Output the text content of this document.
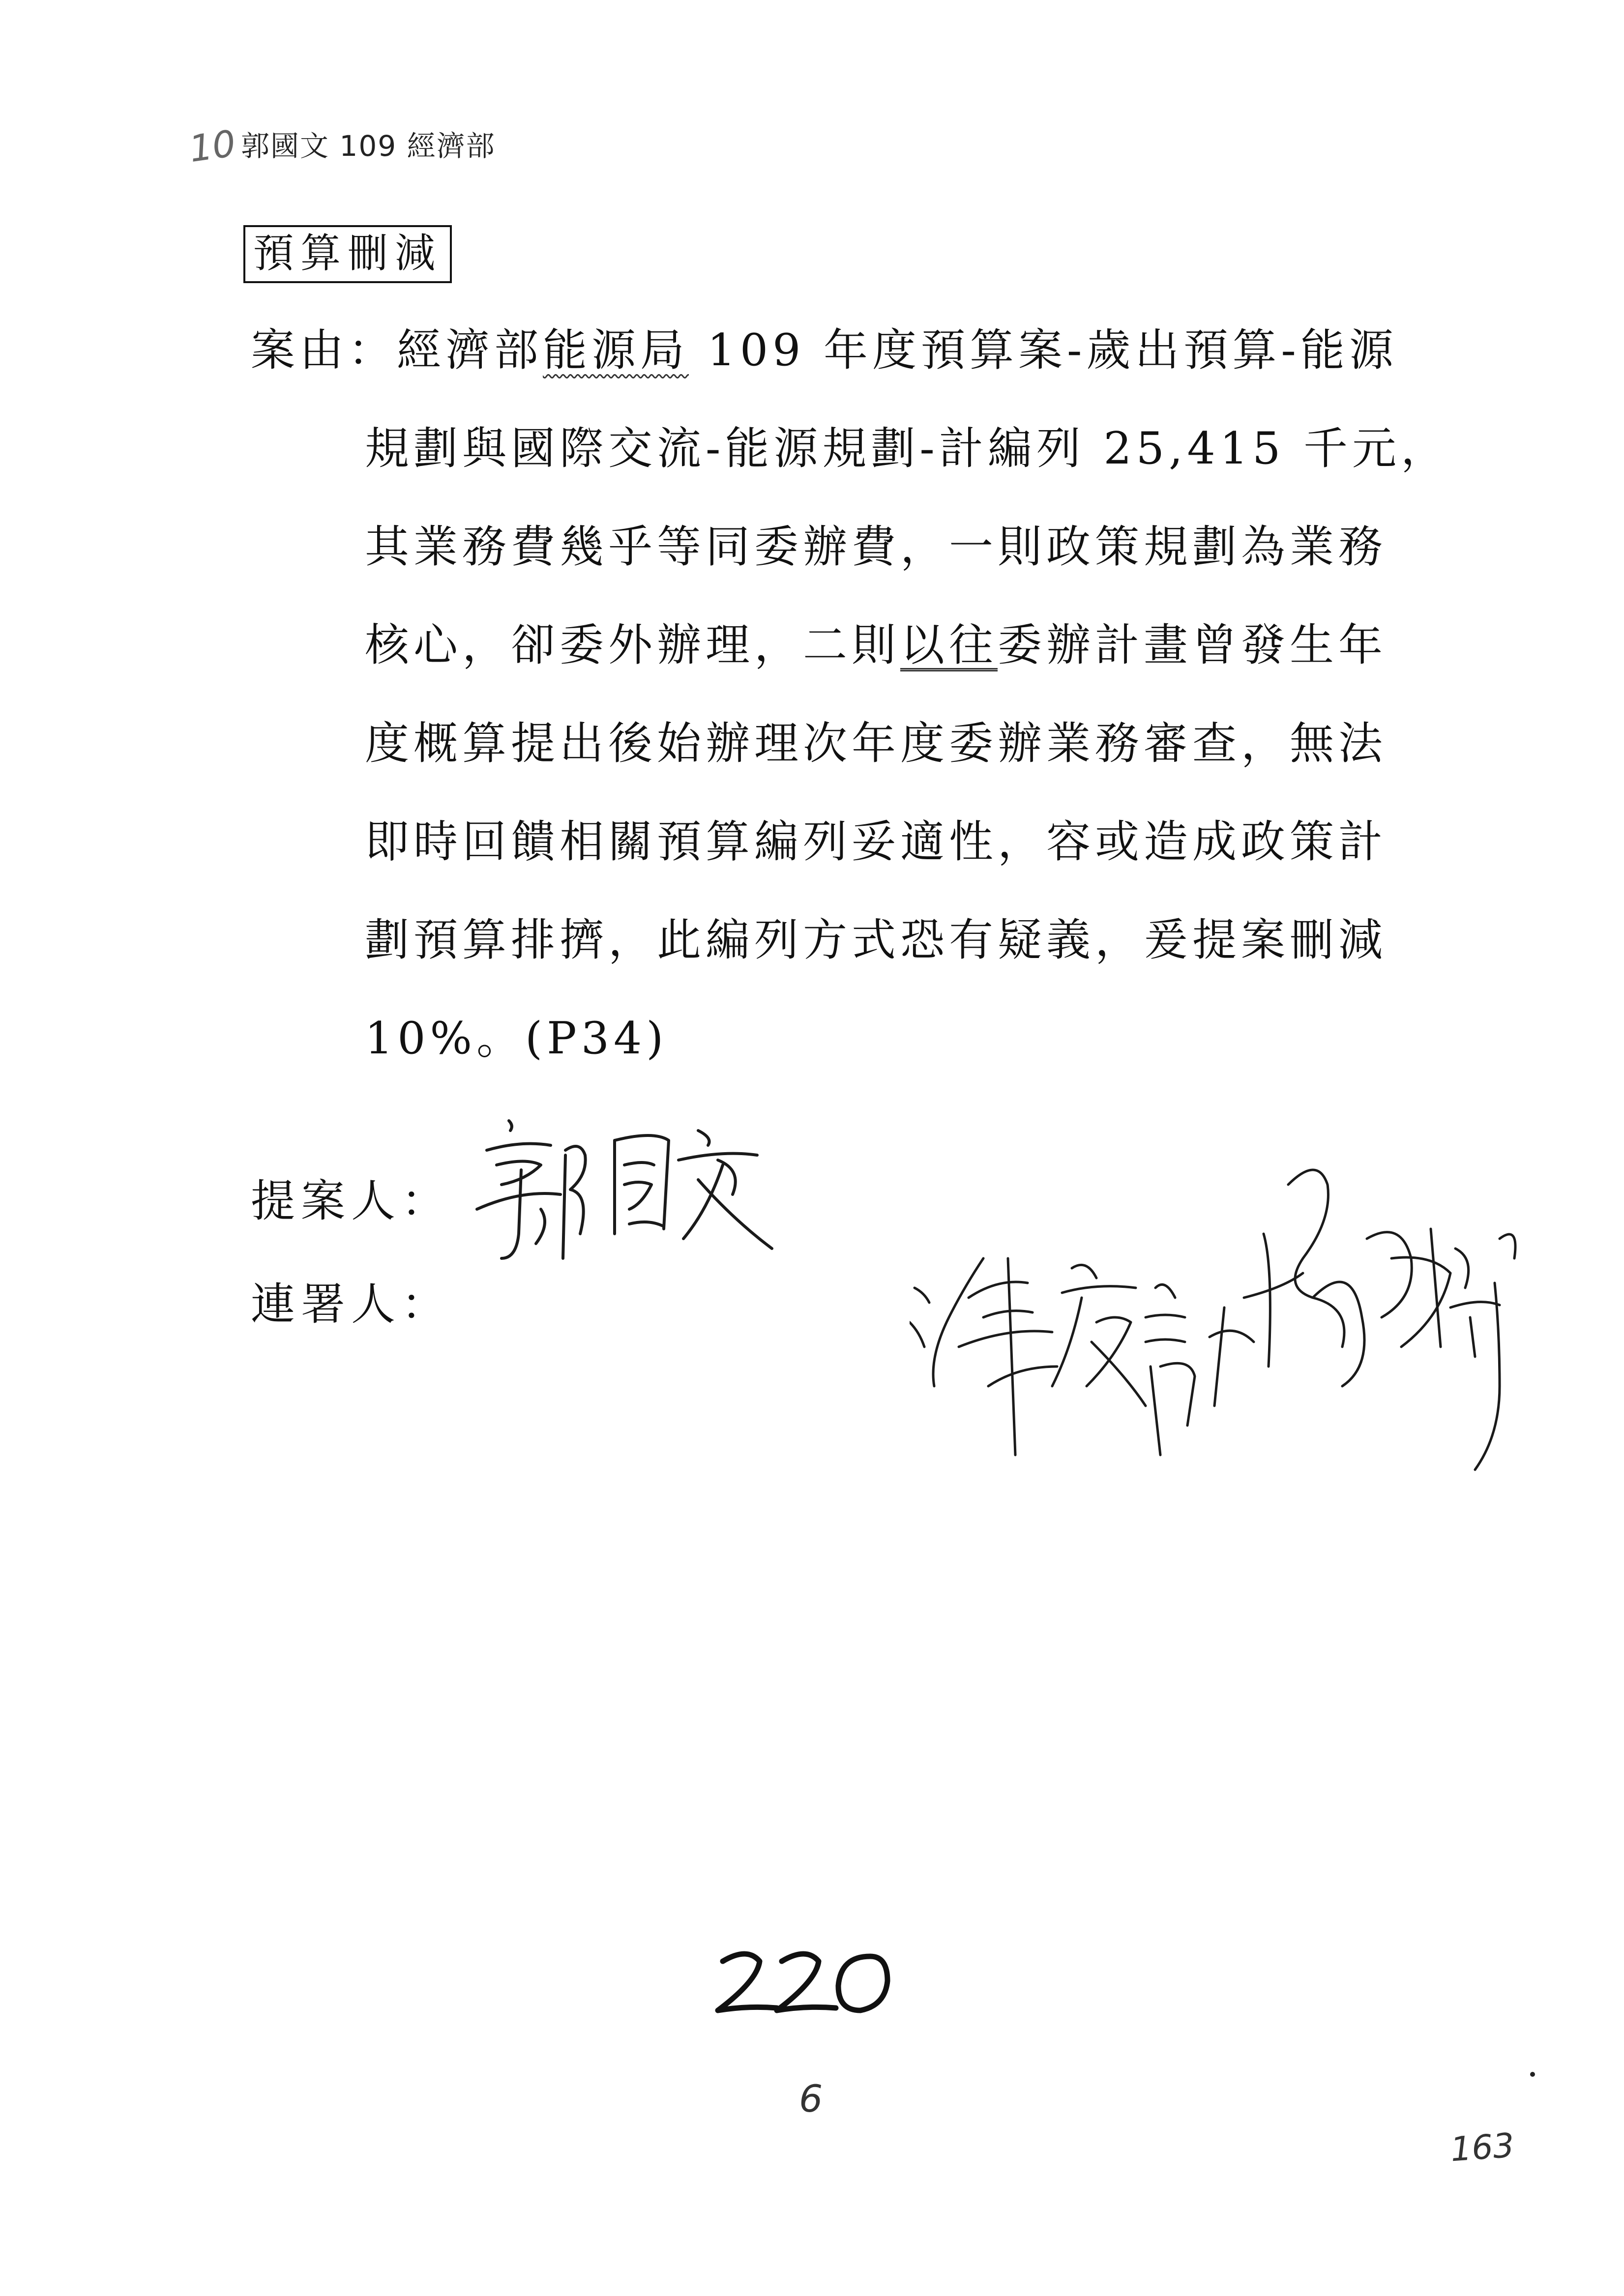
10 郭國文 109 經濟部
預算刪減
案由：經濟部能源局 109 年度預算案-歲出預算-能源
規劃與國際交流-能源規劃-計編列 25,415 千元，
其業務費幾乎等同委辦費，一則政策規劃為業務
核心，卻委外辦理，二則以往委辦計畫曾發生年
度概算提出後始辦理次年度委辦業務審查，無法
即時回饋相關預算編列妥適性，容或造成政策計
劃預算排擠，此編列方式恐有疑義，爰提案刪減
10%。(P34)
提案人：
連署人：
6
163
